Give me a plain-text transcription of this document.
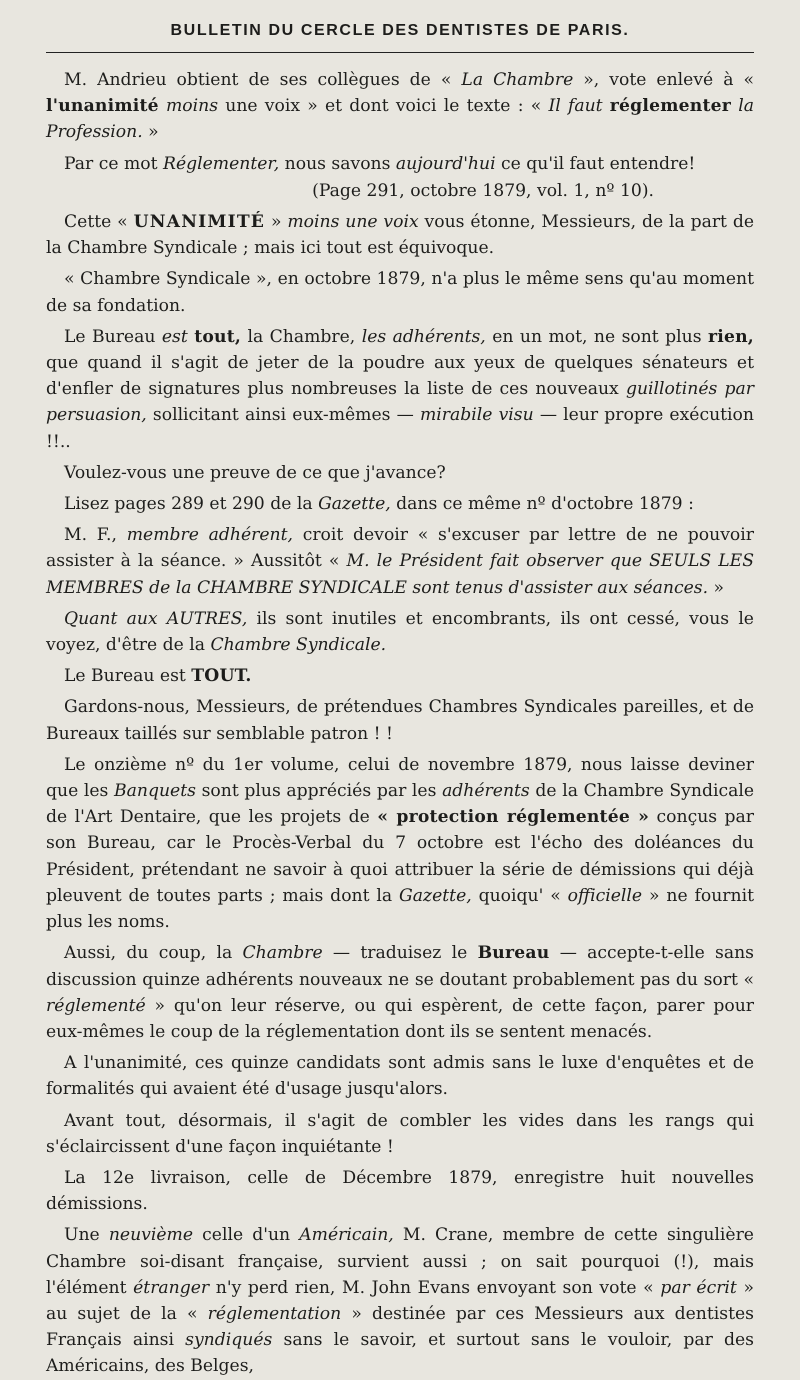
BULLETIN DU CERCLE DES DENTISTES DE PARIS.

M. Andrieu obtient de ses collègues de « La Chambre », vote enlevé à « l'unanimité moins une voix » et dont voici le texte : « Il faut réglementer la Profession. »

Par ce mot Réglementer, nous savons aujourd'hui ce qu'il faut entendre!

(Page 291, octobre 1879, vol. 1, nº 10).

Cette « UNANIMITÉ » moins une voix vous étonne, Messieurs, de la part de la Chambre Syndicale ; mais ici tout est équivoque.

« Chambre Syndicale », en octobre 1879, n'a plus le même sens qu'au moment de sa fondation.

Le Bureau est tout, la Chambre, les adhérents, en un mot, ne sont plus rien, que quand il s'agit de jeter de la poudre aux yeux de quelques sénateurs et d'enfler de signatures plus nombreuses la liste de ces nouveaux guillotinés par persuasion, sollicitant ainsi eux-mêmes — mirabile visu — leur propre exécution !!..

Voulez-vous une preuve de ce que j'avance?

Lisez pages 289 et 290 de la Gazette, dans ce même nº d'octobre 1879 :

M. F., membre adhérent, croit devoir « s'excuser par lettre de ne pouvoir assister à la séance. » Aussitôt « M. le Président fait observer que SEULS LES MEMBRES de la CHAMBRE SYNDICALE sont tenus d'assister aux séances. »

Quant aux AUTRES, ils sont inutiles et encombrants, ils ont cessé, vous le voyez, d'être de la Chambre Syndicale.

Le Bureau est TOUT.

Gardons-nous, Messieurs, de prétendues Chambres Syndicales pareilles, et de Bureaux taillés sur semblable patron ! !

Le onzième nº du 1er volume, celui de novembre 1879, nous laisse deviner que les Banquets sont plus appréciés par les adhérents de la Chambre Syndicale de l'Art Dentaire, que les projets de « protection réglementée » conçus par son Bureau, car le Procès-Verbal du 7 octobre est l'écho des doléances du Président, prétendant ne savoir à quoi attribuer la série de démissions qui déjà pleuvent de toutes parts ; mais dont la Gazette, quoiqu' « officielle » ne fournit plus les noms.

Aussi, du coup, la Chambre — traduisez le Bureau — accepte-t-elle sans discussion quinze adhérents nouveaux ne se doutant probablement pas du sort « réglementé » qu'on leur réserve, ou qui espèrent, de cette façon, parer pour eux-mêmes le coup de la réglementation dont ils se sentent menacés.

A l'unanimité, ces quinze candidats sont admis sans le luxe d'enquêtes et de formalités qui avaient été d'usage jusqu'alors.

Avant tout, désormais, il s'agit de combler les vides dans les rangs qui s'éclaircissent d'une façon inquiétante !

La 12e livraison, celle de Décembre 1879, enregistre huit nouvelles démissions.

Une neuvième celle d'un Américain, M. Crane, membre de cette singulière Chambre soi-disant française, survient aussi ; on sait pourquoi (!), mais l'élément étranger n'y perd rien, M. John Evans envoyant son vote « par écrit » au sujet de la « réglementation » destinée par ces Messieurs aux dentistes Français ainsi syndiqués sans le savoir, et surtout sans le vouloir, par des Américains, des Belges,
